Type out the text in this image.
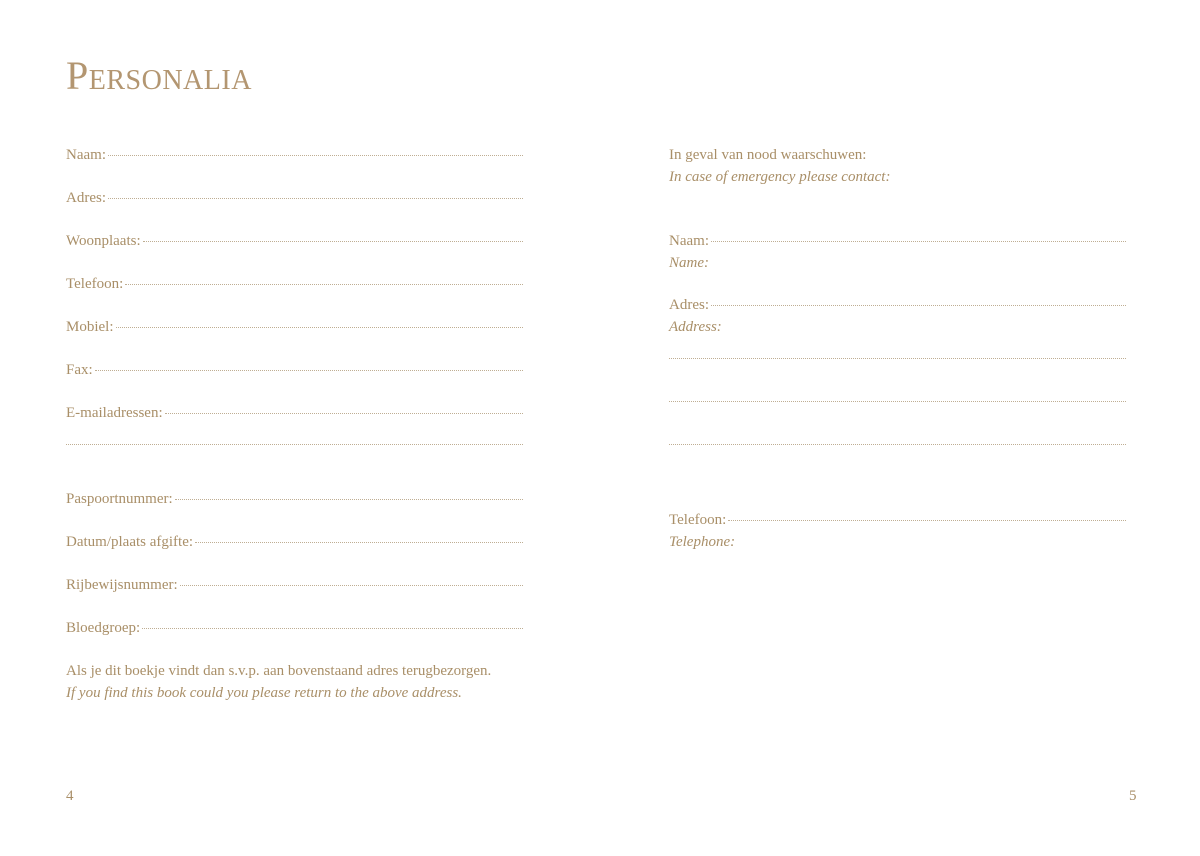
Personalia
Naam:
Adres:
Woonplaats:
Telefoon:
Mobiel:
Fax:
E-mailadressen:
Paspoortnummer:
Datum/plaats afgifte:
Rijbewijsnummer:
Bloedgroep:
Als je dit boekje vindt dan s.v.p. aan bovenstaand adres terugbezorgen.
If you find this book could you please return to the above address.
4
In geval van nood waarschuwen:
In case of emergency please contact:
Naam:
Name:
Adres:
Address:
Telefoon:
Telephone:
5
